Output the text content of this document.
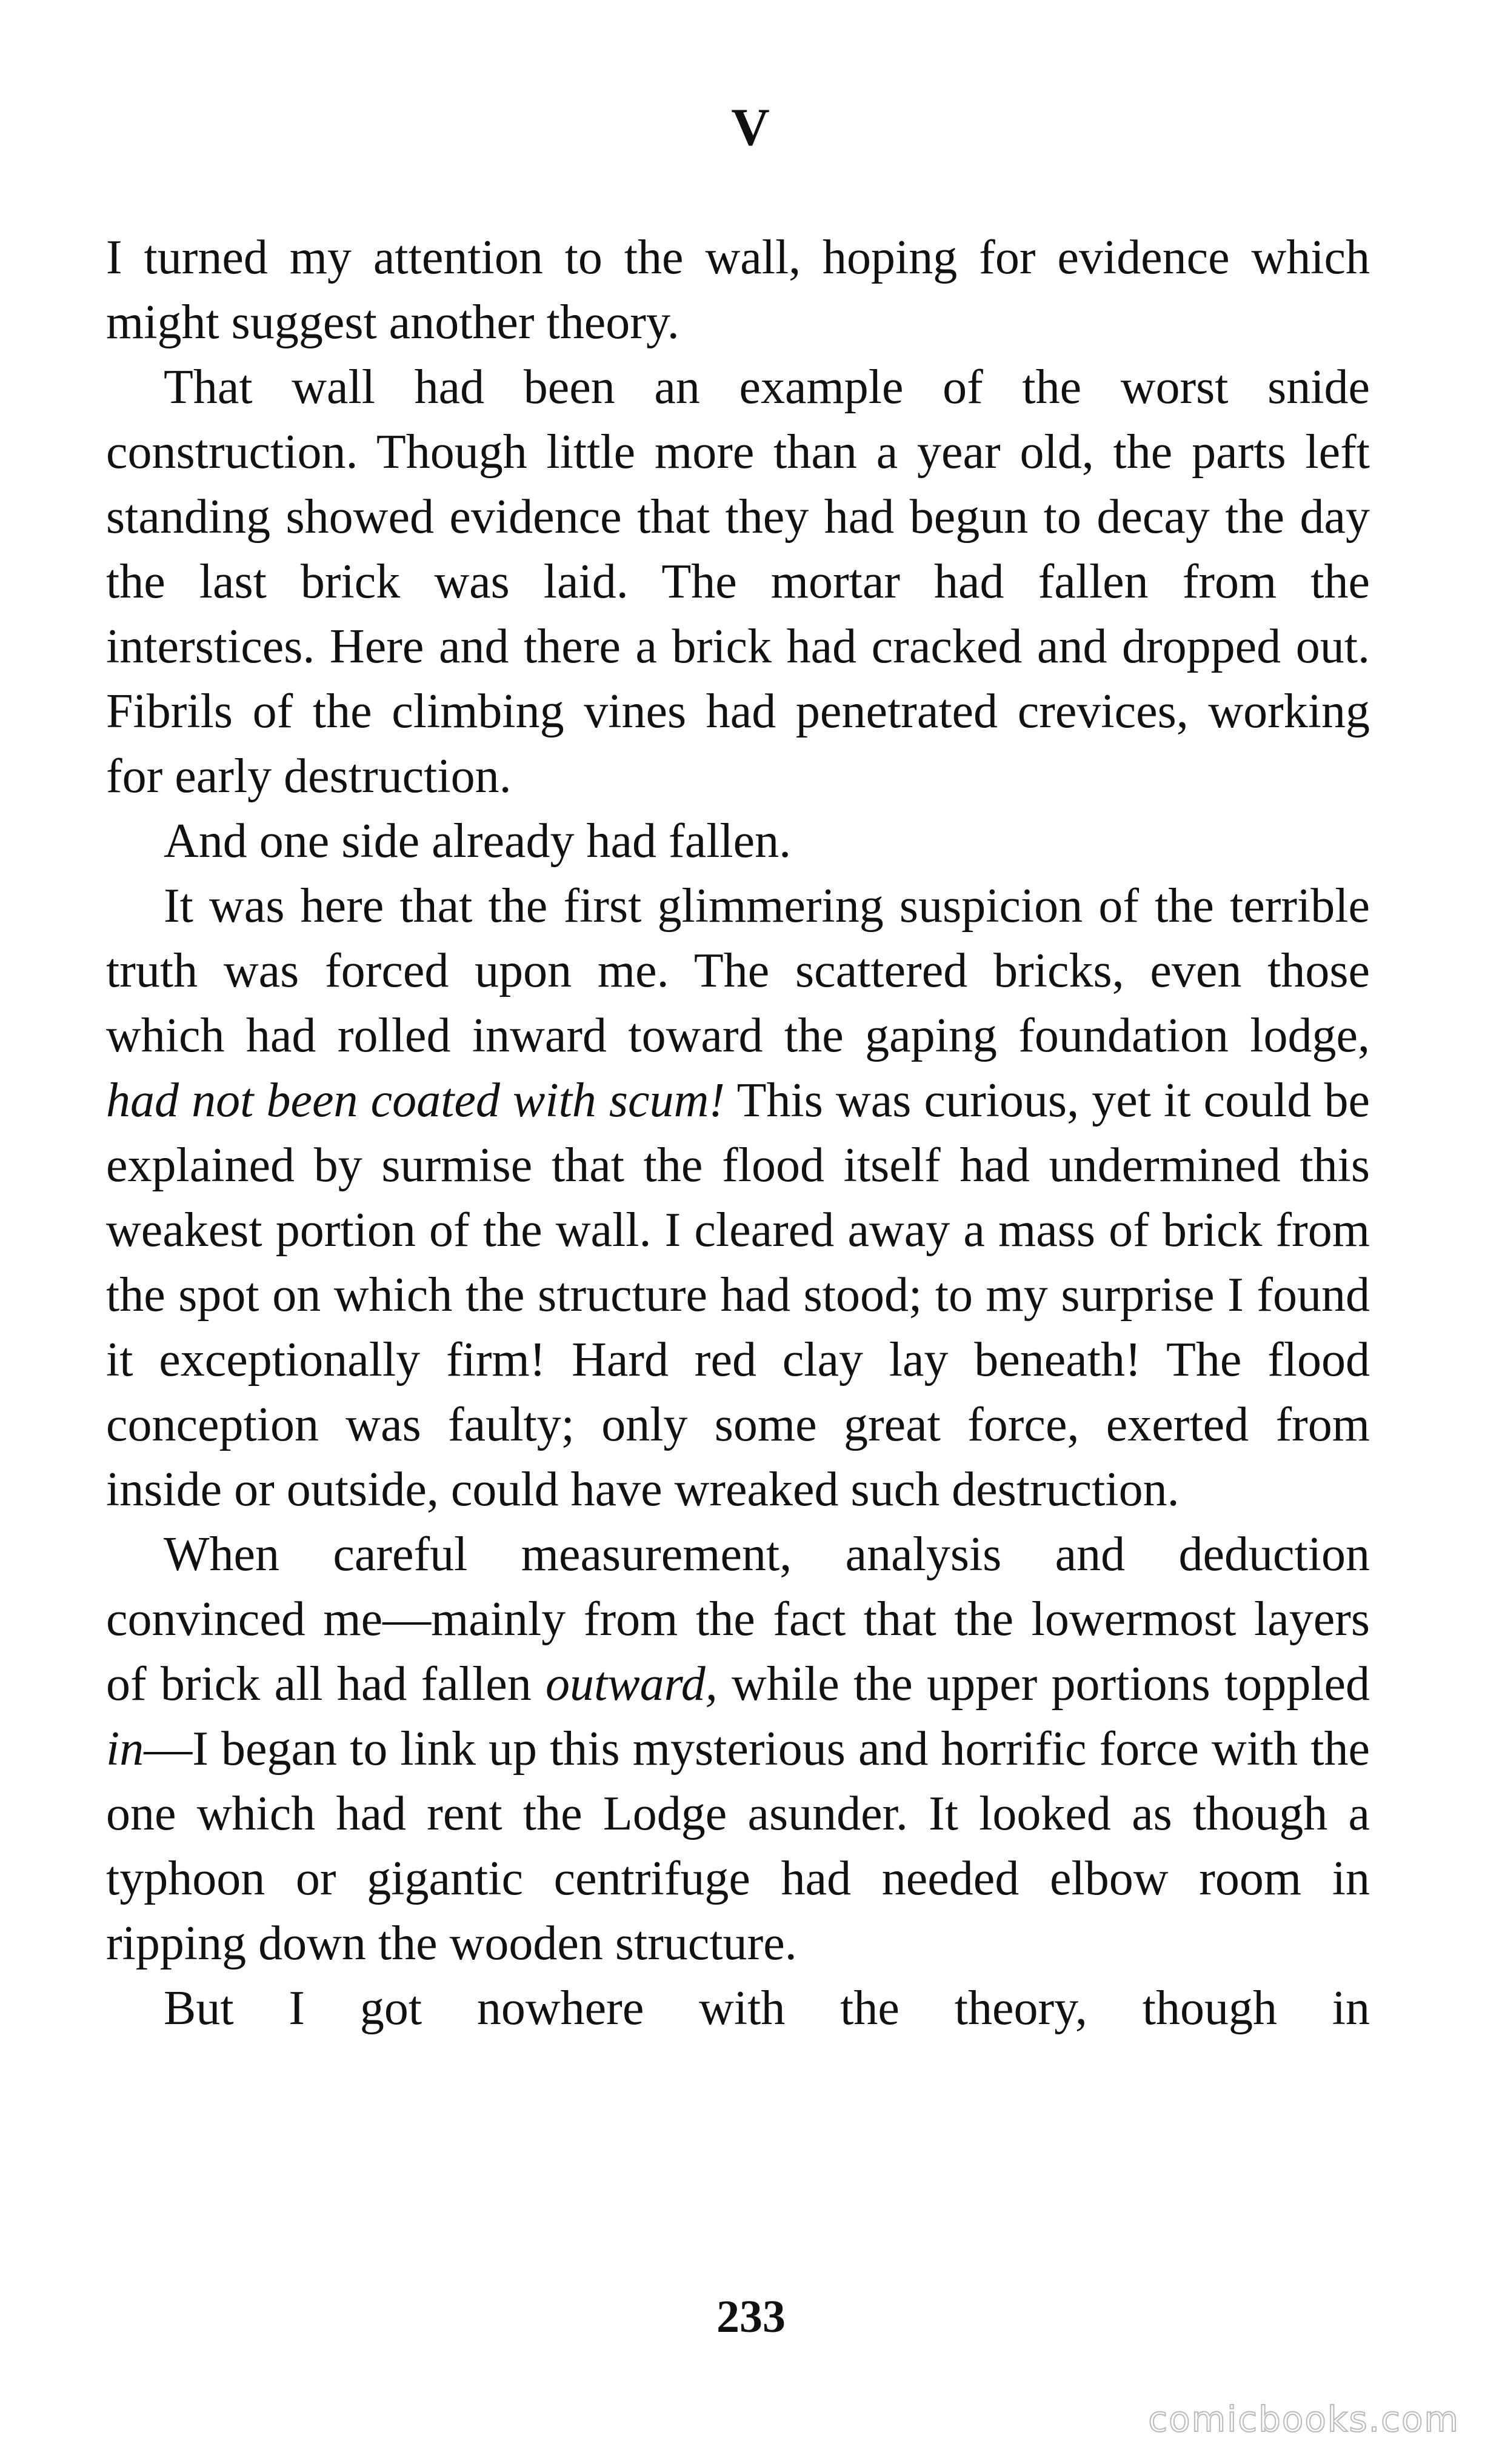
V

I turned my attention to the wall, hoping for evidence which might suggest another theory.

That wall had been an example of the worst snide construction. Though little more than a year old, the parts left standing showed evidence that they had begun to decay the day the last brick was laid. The mortar had fallen from the interstices. Here and there a brick had cracked and dropped out. Fibrils of the climbing vines had penetrated crevices, working for early destruction.

And one side already had fallen.

It was here that the first glimmering suspicion of the terrible truth was forced upon me. The scattered bricks, even those which had rolled inward toward the gaping foundation lodge, had not been coated with scum! This was curious, yet it could be explained by surmise that the flood itself had undermined this weakest portion of the wall. I cleared away a mass of brick from the spot on which the structure had stood; to my surprise I found it exceptionally firm! Hard red clay lay beneath! The flood conception was faulty; only some great force, exerted from inside or outside, could have wreaked such destruction.

When careful measurement, analysis and deduction convinced me—mainly from the fact that the lowermost layers of brick all had fallen outward, while the upper portions toppled in—I began to link up this mysterious and horrific force with the one which had rent the Lodge asunder. It looked as though a typhoon or gigantic centrifuge had needed elbow room in ripping down the wooden structure.

But I got nowhere with the theory, though in

233
comicbooks.com
